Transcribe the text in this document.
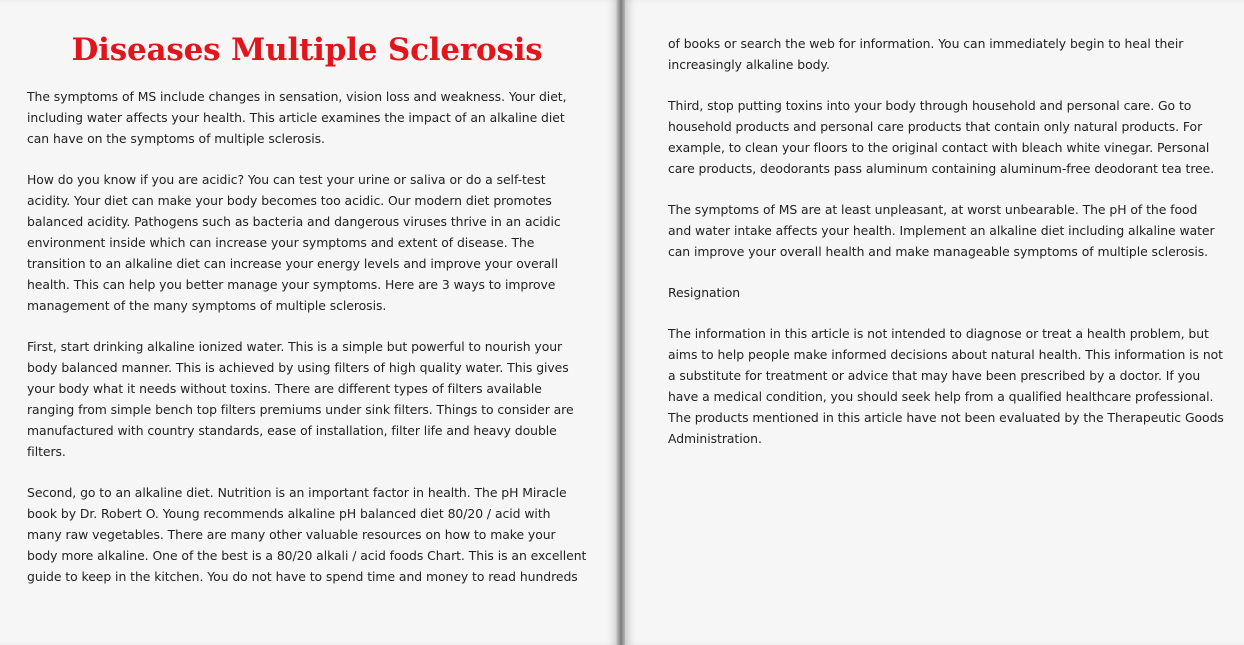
Diseases Multiple Sclerosis

The symptoms of MS include changes in sensation, vision loss and weakness. Your diet, including water affects your health. This article examines the impact of an alkaline diet can have on the symptoms of multiple sclerosis.

How do you know if you are acidic? You can test your urine or saliva or do a self-test acidity. Your diet can make your body becomes too acidic. Our modern diet promotes balanced acidity. Pathogens such as bacteria and dangerous viruses thrive in an acidic environment inside which can increase your symptoms and extent of disease. The transition to an alkaline diet can increase your energy levels and improve your overall health. This can help you better manage your symptoms. Here are 3 ways to improve management of the many symptoms of multiple sclerosis.

First, start drinking alkaline ionized water. This is a simple but powerful to nourish your body balanced manner. This is achieved by using filters of high quality water. This gives your body what it needs without toxins. There are different types of filters available ranging from simple bench top filters premiums under sink filters. Things to consider are manufactured with country standards, ease of installation, filter life and heavy double filters.

Second, go to an alkaline diet. Nutrition is an important factor in health. The pH Miracle book by Dr. Robert O. Young recommends alkaline pH balanced diet 80/20 / acid with many raw vegetables. There are many other valuable resources on how to make your body more alkaline. One of the best is a 80/20 alkali / acid foods Chart. This is an excellent guide to keep in the kitchen. You do not have to spend time and money to read hundreds

of books or search the web for information. You can immediately begin to heal their increasingly alkaline body.

Third, stop putting toxins into your body through household and personal care. Go to household products and personal care products that contain only natural products. For example, to clean your floors to the original contact with bleach white vinegar. Personal care products, deodorants pass aluminum containing aluminum-free deodorant tea tree.

The symptoms of MS are at least unpleasant, at worst unbearable. The pH of the food and water intake affects your health. Implement an alkaline diet including alkaline water can improve your overall health and make manageable symptoms of multiple sclerosis.

Resignation

The information in this article is not intended to diagnose or treat a health problem, but aims to help people make informed decisions about natural health. This information is not a substitute for treatment or advice that may have been prescribed by a doctor. If you have a medical condition, you should seek help from a qualified healthcare professional. The products mentioned in this article have not been evaluated by the Therapeutic Goods Administration.
